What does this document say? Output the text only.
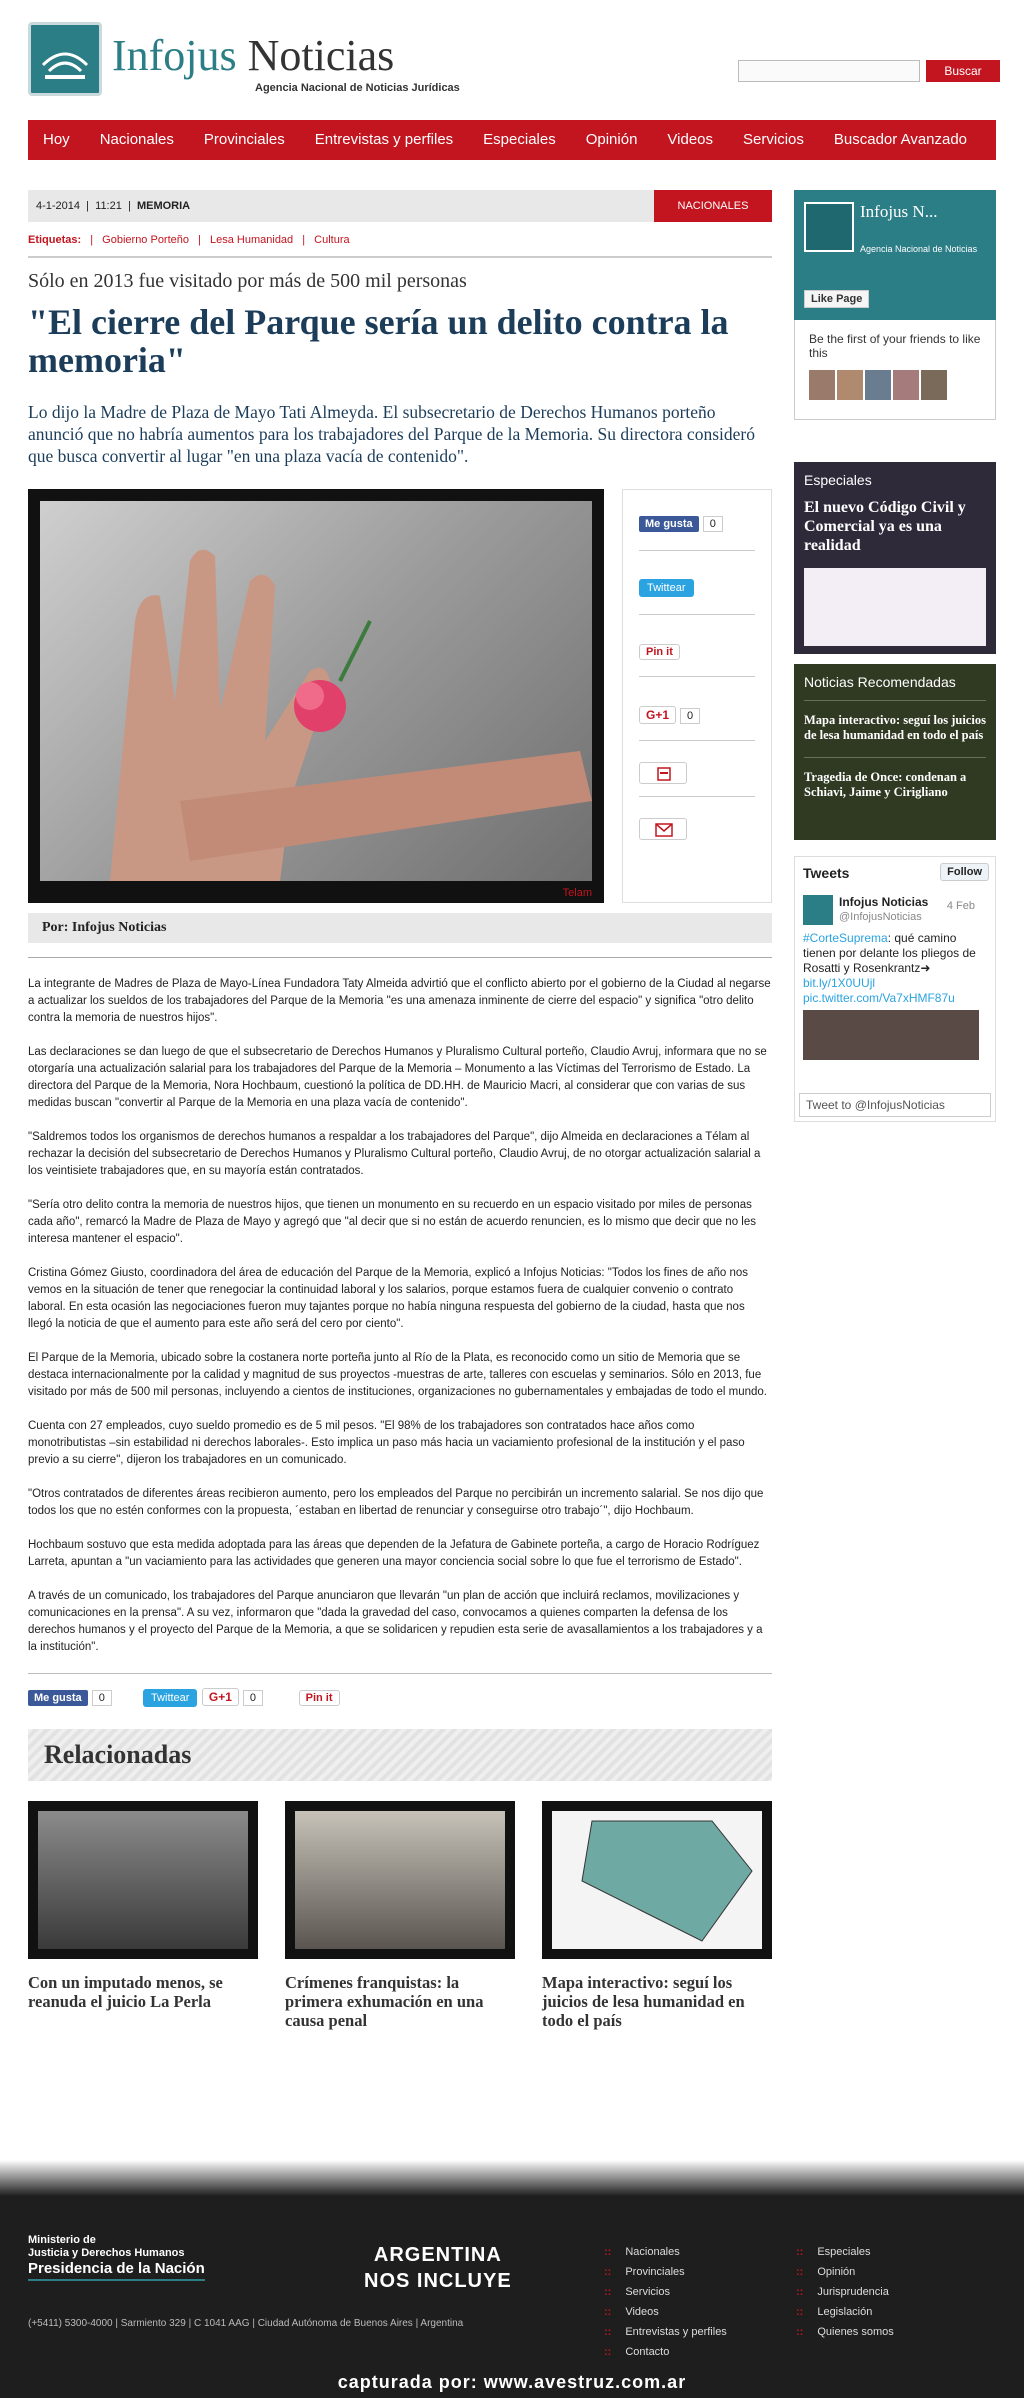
Infojus Noticias
Agencia Nacional de Noticias Jurídicas
Buscar
Hoy	Nacionales	Provinciales	Entrevistas y perfiles	Especiales	Opinión	Videos	Servicios	Buscador Avanzado
4-1-2014  |  11:21  |  MEMORIA	NACIONALES
Etiquetas: | Gobierno Porteño | Lesa Humanidad | Cultura
Sólo en 2013 fue visitado por más de 500 mil personas
"El cierre del Parque sería un delito contra la memoria"
Lo dijo la Madre de Plaza de Mayo Tati Almeyda. El subsecretario de Derechos Humanos porteño anunció que no habría aumentos para los trabajadores del Parque de la Memoria. Su directora consideró que busca convertir al lugar "en una plaza vacía de contenido".
Telam
Me gusta 0
Twittear
Pin it
G+1 0
Por: Infojus Noticias

La integrante de Madres de Plaza de Mayo-Línea Fundadora Taty Almeida advirtió que el conflicto abierto por el gobierno de la Ciudad al negarse a actualizar los sueldos de los trabajadores del Parque de la Memoria "es una amenaza inminente de cierre del espacio" y significa "otro delito contra la memoria de nuestros hijos".

Las declaraciones se dan luego de que el subsecretario de Derechos Humanos y Pluralismo Cultural porteño, Claudio Avruj, informara que no se otorgaría una actualización salarial para los trabajadores del Parque de la Memoria – Monumento a las Víctimas del Terrorismo de Estado. La directora del Parque de la Memoria, Nora Hochbaum, cuestionó la política de DD.HH. de Mauricio Macri, al considerar que con varias de sus medidas buscan "convertir al Parque de la Memoria en una plaza vacía de contenido".

"Saldremos todos los organismos de derechos humanos a respaldar a los trabajadores del Parque", dijo Almeida en declaraciones a Télam al rechazar la decisión del subsecretario de Derechos Humanos y Pluralismo Cultural porteño, Claudio Avruj, de no otorgar actualización salarial a los veintisiete trabajadores que, en su mayoría están contratados.

"Sería otro delito contra la memoria de nuestros hijos, que tienen un monumento en su recuerdo en un espacio visitado por miles de personas cada año", remarcó la Madre de Plaza de Mayo y agregó que "al decir que si no están de acuerdo renuncien, es lo mismo que decir que no les interesa mantener el espacio".

Cristina Gómez Giusto, coordinadora del área de educación del Parque de la Memoria, explicó a Infojus Noticias: "Todos los fines de año nos vemos en la situación de tener que renegociar la continuidad laboral y los salarios, porque estamos fuera de cualquier convenio o contrato laboral. En esta ocasión las negociaciones fueron muy tajantes porque no había ninguna respuesta del gobierno de la ciudad, hasta que nos llegó la noticia de que el aumento para este año será del cero por ciento".

El Parque de la Memoria, ubicado sobre la costanera norte porteña junto al Río de la Plata, es reconocido como un sitio de Memoria que se destaca internacionalmente por la calidad y magnitud de sus proyectos -muestras de arte, talleres con escuelas y seminarios. Sólo en 2013, fue visitado por más de 500 mil personas, incluyendo a cientos de instituciones, organizaciones no gubernamentales y embajadas de todo el mundo.

Cuenta con 27 empleados, cuyo sueldo promedio es de 5 mil pesos. "El 98% de los trabajadores son contratados hace años como monotributistas –sin estabilidad ni derechos laborales-. Esto implica un paso más hacia un vaciamiento profesional de la institución y el paso previo a su cierre", dijeron los trabajadores en un comunicado.

"Otros contratados de diferentes áreas recibieron aumento, pero los empleados del Parque no percibirán un incremento salarial. Se nos dijo que todos los que no estén conformes con la propuesta, ´estaban en libertad de renunciar y conseguirse otro trabajo´", dijo Hochbaum.

Hochbaum sostuvo que esta medida adoptada para las áreas que dependen de la Jefatura de Gabinete porteña, a cargo de Horacio Rodríguez Larreta, apuntan a "un vaciamiento para las actividades que generen una mayor conciencia social sobre lo que fue el terrorismo de Estado".

A través de un comunicado, los trabajadores del Parque anunciaron que llevarán "un plan de acción que incluirá reclamos, movilizaciones y comunicaciones en la prensa". A su vez, informaron que "dada la gravedad del caso, convocamos a quienes comparten la defensa de los derechos humanos y el proyecto del Parque de la Memoria, a que se solidaricen y repudien esta serie de avasallamientos a los trabajadores y a la institución".

Me gusta 0	Twittear G+1 0	Pin it
Relacionadas
Con un imputado menos, se reanuda el juicio La Perla
Crímenes franquistas: la primera exhumación en una causa penal
Mapa interactivo: seguí los juicios de lesa humanidad en todo el país
Infojus N...
Agencia Nacional de Noticias
Like Page
Be the first of your friends to like this
Especiales
El nuevo Código Civil y Comercial ya es una realidad
Noticias Recomendadas
Mapa interactivo: seguí los juicios de lesa humanidad en todo el país
Tragedia de Once: condenan a Schiavi, Jaime y Cirigliano
Tweets	Follow
Infojus Noticias
@InfojusNoticias
4 Feb
#CorteSuprema: qué camino tienen por delante los pliegos de Rosatti y Rosenkrantz➜ bit.ly/1X0UUjl pic.twitter.com/Va7xHMF87u
Tweet to @InfojusNoticias
Ministerio de
Justicia y Derechos Humanos
Presidencia de la Nación
ARGENTINA
NOS INCLUYE
(+5411) 5300-4000 | Sarmiento 329 | C 1041 AAG | Ciudad Autónoma de Buenos Aires | Argentina
:: Nacionales
:: Provinciales
:: Servicios
:: Videos
:: Entrevistas y perfiles
:: Contacto
:: Especiales
:: Opinión
:: Jurisprudencia
:: Legislación
:: Quienes somos
capturada por: www.avestruz.com.ar
